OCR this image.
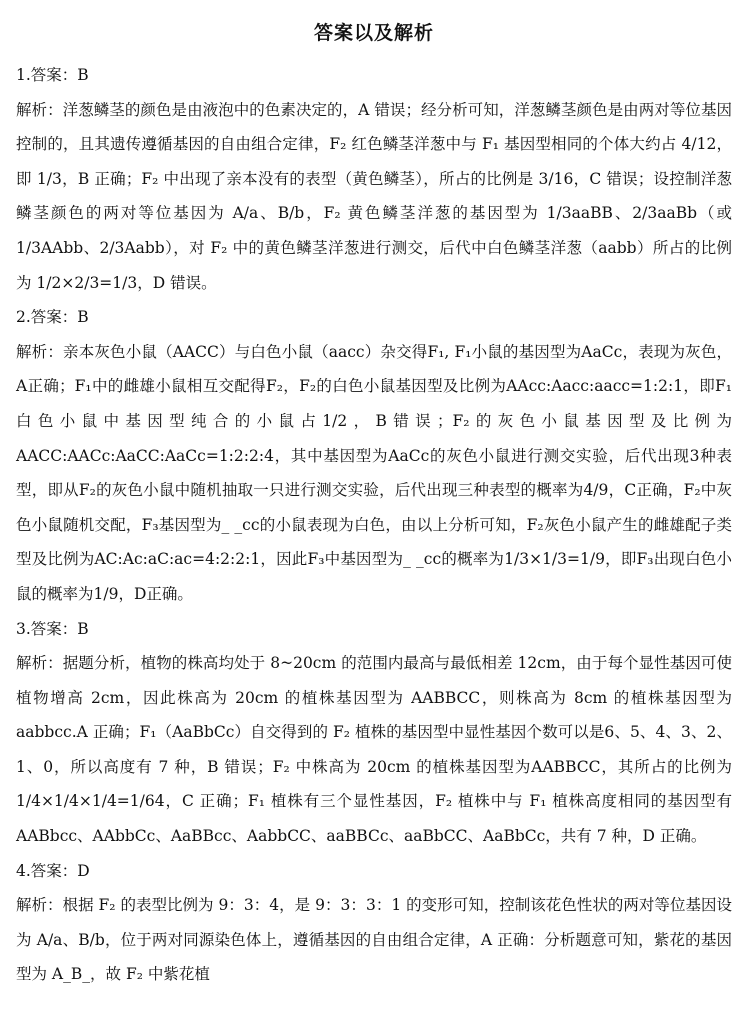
答案以及解析

1.答案：B

解析：洋葱鳞茎的颜色是由液泡中的色素决定的，A 错误；经分析可知，洋葱鳞茎颜色是由两对等位基因控制的，且其遗传遵循基因的自由组合定律，F₂ 红色鳞茎洋葱中与 F₁ 基因型相同的个体大约占 4/12，即 1/3，B 正确；F₂ 中出现了亲本没有的表型（黄色鳞茎），所占的比例是 3/16，C 错误；设控制洋葱鳞茎颜色的两对等位基因为 A/a、B/b，F₂ 黄色鳞茎洋葱的基因型为 1/3aaBB、2/3aaBb（或 1/3AAbb、2/3Aabb），对 F₂ 中的黄色鳞茎洋葱进行测交，后代中白色鳞茎洋葱（aabb）所占的比例为 1/2×2/3=1/3，D 错误。

2.答案：B

解析：亲本灰色小鼠（AACC）与白色小鼠（aacc）杂交得F₁, F₁小鼠的基因型为AaCc，表现为灰色，A正确；F₁中的雌雄小鼠相互交配得F₂，F₂的白色小鼠基因型及比例为AAcc:Aacc:aacc=1:2:1，即F₁白色小鼠中基因型纯合的小鼠占1/2，B错误；F₂的灰色小鼠基因型及比例为AACC:AACc:AaCC:AaCc=1:2:2:4，其中基因型为AaCc的灰色小鼠进行测交实验，后代出现3种表型，即从F₂的灰色小鼠中随机抽取一只进行测交实验，后代出现三种表型的概率为4/9，C正确，F₂中灰色小鼠随机交配，F₃基因型为_ _cc的小鼠表现为白色，由以上分析可知，F₂灰色小鼠产生的雌雄配子类型及比例为AC:Ac:aC:ac=4:2:2:1，因此F₃中基因型为_ _cc的概率为1/3×1/3=1/9，即F₃出现白色小鼠的概率为1/9，D正确。

3.答案：B

解析：据题分析，植物的株高均处于 8~20cm 的范围内最高与最低相差 12cm，由于每个显性基因可使植物增高 2cm，因此株高为 20cm 的植株基因型为 AABBCC，则株高为 8cm 的植株基因型为 aabbcc.A 正确；F₁（AaBbCc）自交得到的 F₂ 植株的基因型中显性基因个数可以是6、5、4、3、2、1、0，所以高度有 7 种，B 错误；F₂ 中株高为 20cm 的植株基因型为AABBCC，其所占的比例为 1/4×1/4×1/4=1/64，C 正确；F₁ 植株有三个显性基因，F₂ 植株中与 F₁ 植株高度相同的基因型有 AABbcc、AAbbCc、AaBBcc、AabbCC、aaBBCc、aaBbCC、AaBbCc，共有 7 种，D 正确。

4.答案：D

解析：根据 F₂ 的表型比例为 9：3：4，是 9：3：3：1 的变形可知，控制该花色性状的两对等位基因设为 A/a、B/b，位于两对同源染色体上，遵循基因的自由组合定律，A 正确：分析题意可知，紫花的基因型为 A_B_，故 F₂ 中紫花植
